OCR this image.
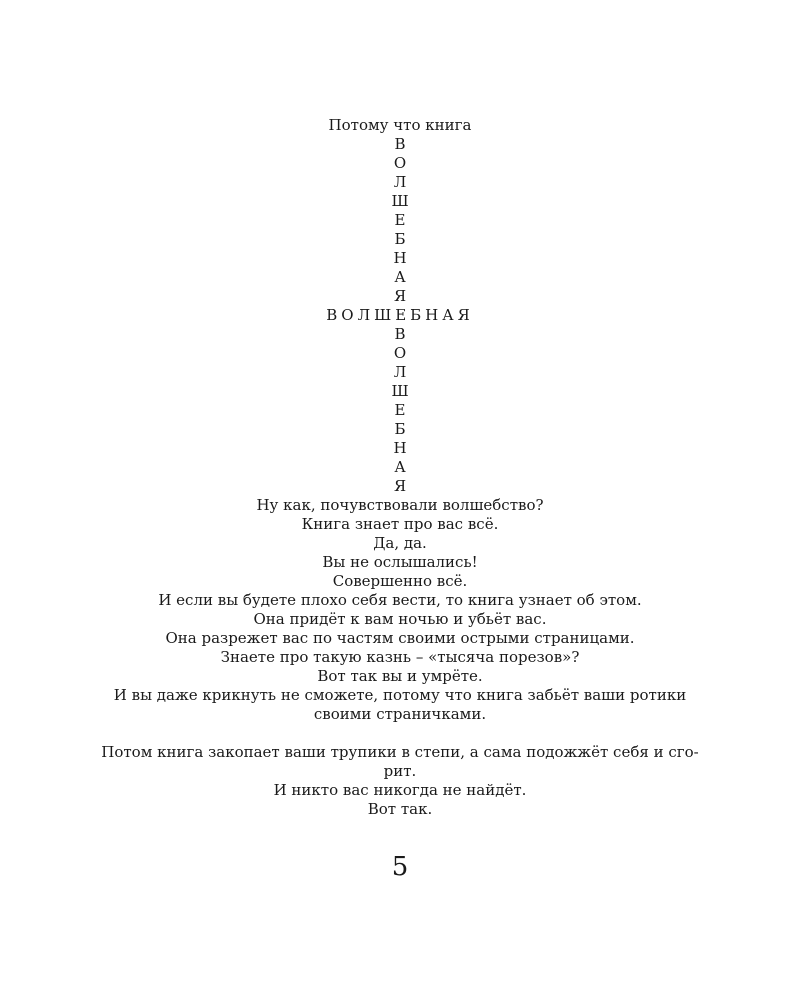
Потому что книга
В
О
Л
Ш
Е
Б
Н
А
Я
ВОЛШЕБНАЯ
В
О
Л
Ш
Е
Б
Н
А
Я
Ну как, почувствовали волшебство?
Книга знает про вас всё.
Да, да.
Вы не ослышались!
Совершенно всё.
И если вы будете плохо себя вести, то книга узнает об этом.
Она придёт к вам ночью и убьёт вас.
Она разрежет вас по частям своими острыми страницами.
Знаете про такую казнь – «тысяча порезов»?
Вот так вы и умрёте.
И вы даже крикнуть не сможете, потому что книга забьёт ваши ротики
своими страничками.
Потом книга закопает ваши трупики в степи, а сама подожжёт себя и сго-
рит.
И никто вас никогда не найдёт.
Вот так.
5
